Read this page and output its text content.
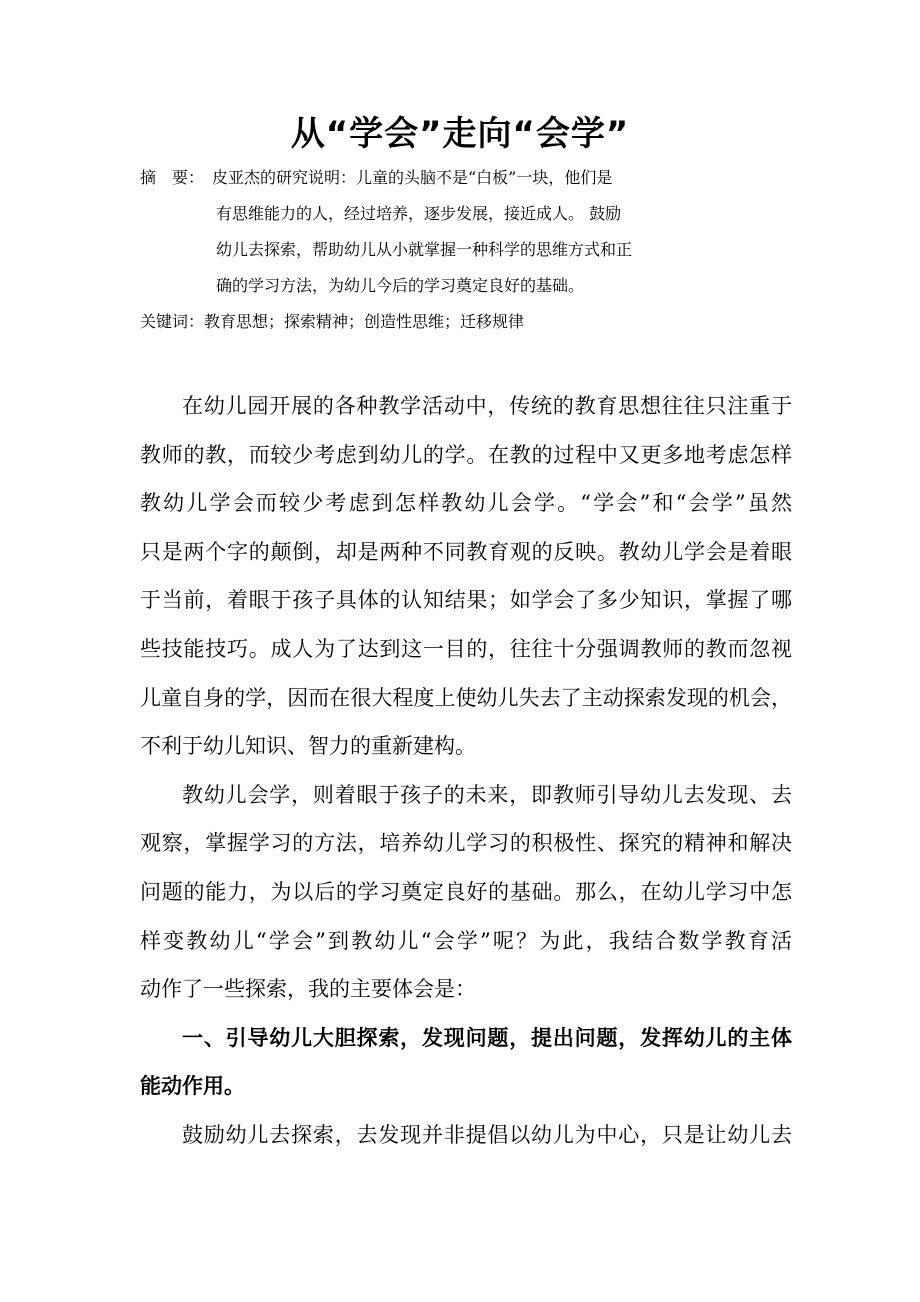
从“学会”走向“会学”
摘　要： 皮亚杰的研究说明：儿童的头脑不是“白板”一块，他们是
有思维能力的人，经过培养，逐步发展，接近成人。 鼓励
幼儿去探索，帮助幼儿从小就掌握一种科学的思维方式和正
确的学习方法，为幼儿今后的学习奠定良好的基础。
关键词： 教育思想；探索精神；创造性思维；迁移规律
在幼儿园开展的各种教学活动中，传统的教育思想往往只注重于
教师的教，而较少考虑到幼儿的学。在教的过程中又更多地考虑怎样
教幼儿学会而较少考虑到怎样教幼儿会学。“学会”和“会学”虽然
只是两个字的颠倒，却是两种不同教育观的反映。教幼儿学会是着眼
于当前，着眼于孩子具体的认知结果；如学会了多少知识，掌握了哪
些技能技巧。成人为了达到这一目的，往往十分强调教师的教而忽视
儿童自身的学，因而在很大程度上使幼儿失去了主动探索发现的机会，
不利于幼儿知识、智力的重新建构。
教幼儿会学，则着眼于孩子的未来，即教师引导幼儿去发现、去
观察，掌握学习的方法，培养幼儿学习的积极性、探究的精神和解决
问题的能力，为以后的学习奠定良好的基础。那么，在幼儿学习中怎
样变教幼儿“学会”到教幼儿“会学”呢？为此，我结合数学教育活
动作了一些探索，我的主要体会是：
一、引导幼儿大胆探索，发现问题，提出问题，发挥幼儿的主体
能动作用。
鼓励幼儿去探索，去发现并非提倡以幼儿为中心，只是让幼儿去
